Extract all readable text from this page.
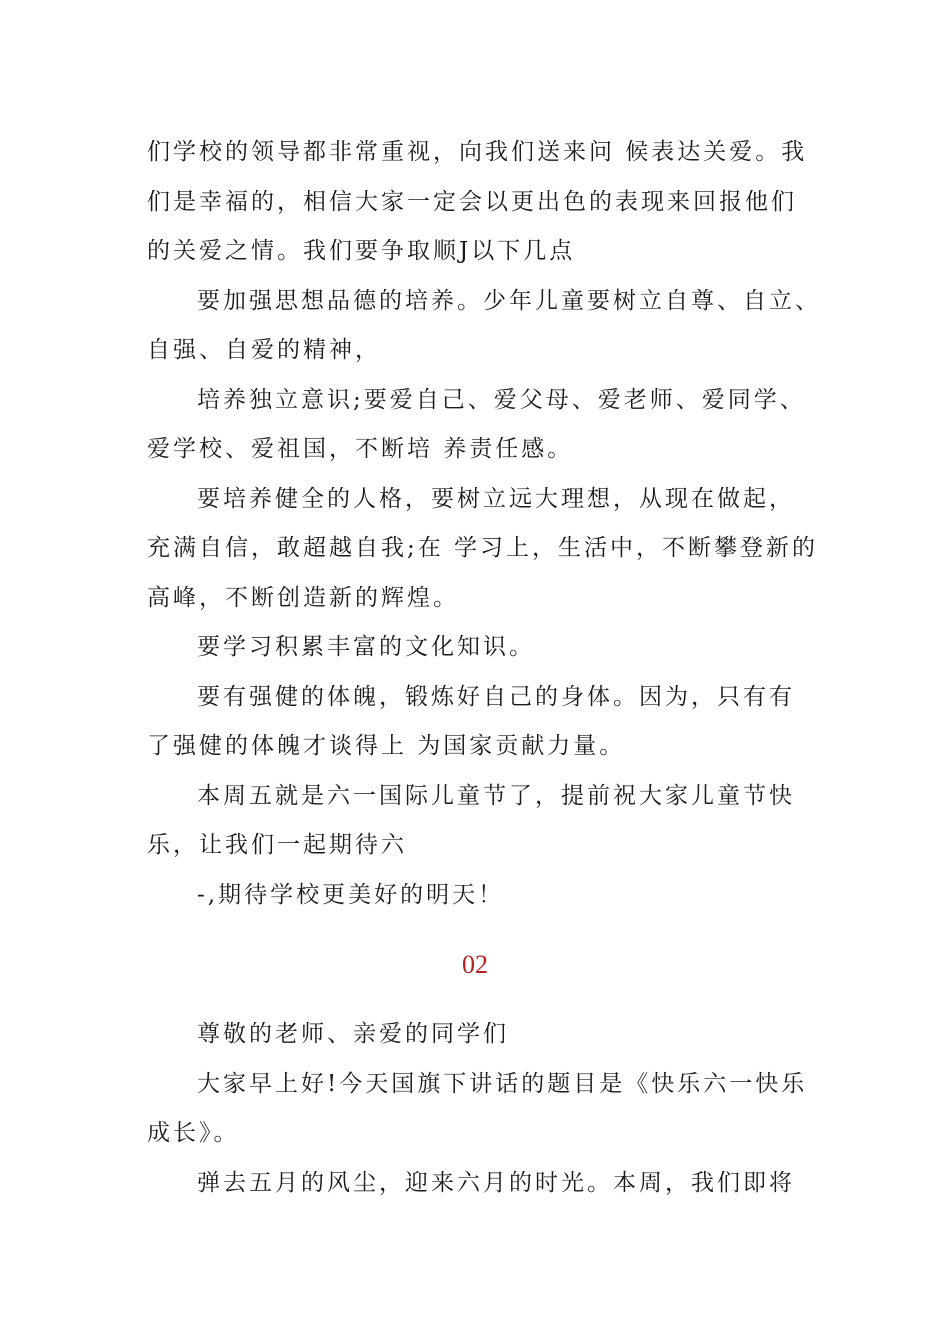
们学校的领导都非常重视，向我们送来问 候表达关爱。我
们是幸福的，相信大家一定会以更出色的表现来回报他们
的关爱之情。我们要争取顺J以下几点
要加强思想品德的培养。少年儿童要树立自尊、自立、
自强、自爱的精神，
培养独立意识;要爱自己、爱父母、爱老师、爱同学、
爱学校、爱祖国，不断培 养责任感。
要培养健全的人格，要树立远大理想，从现在做起，
充满自信，敢超越自我;在 学习上，生活中，不断攀登新的
高峰，不断创造新的辉煌。
要学习积累丰富的文化知识。
要有强健的体魄，锻炼好自己的身体。因为，只有有
了强健的体魄才谈得上 为国家贡献力量。
本周五就是六一国际儿童节了，提前祝大家儿童节快
乐，让我们一起期待六
-,期待学校更美好的明天！
02
尊敬的老师、亲爱的同学们
大家早上好!今天国旗下讲话的题目是《快乐六一快乐
成长》。
弹去五月的风尘，迎来六月的时光。本周，我们即将
